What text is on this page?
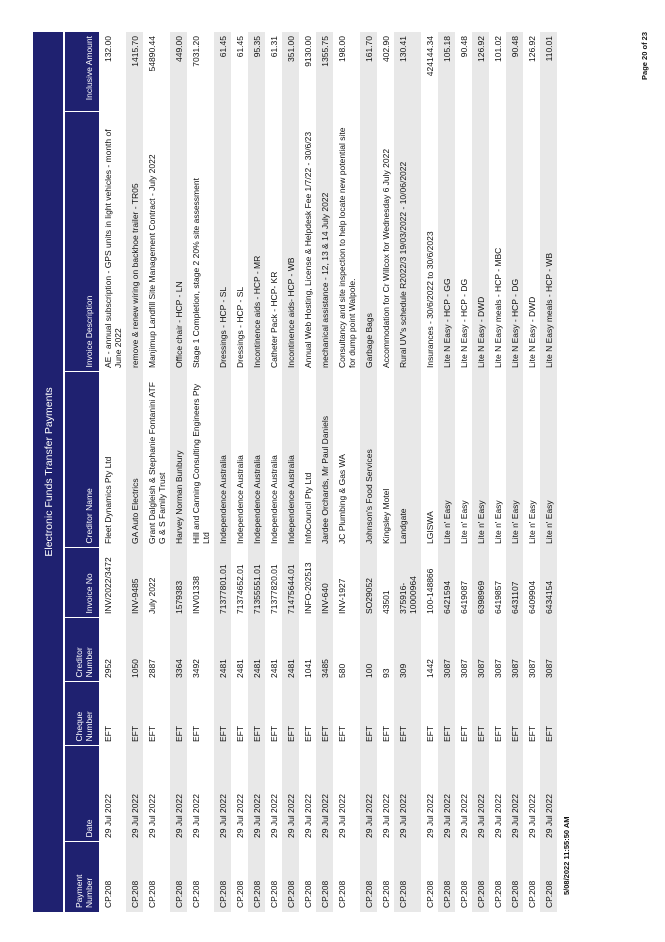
Electronic Funds Transfer Payments
Payment Number	Date	Cheque Number	Creditor Number	Invoice No	Creditor Name	Invoice Description	Inclusive Amount
CP.208	29 Jul 2022	EFT	2952	INV/2022/3472	Fleet Dynamics Pty Ltd	AE - annual subscription - GPS units in light vehicles - month of June 2022	132.00
CP.208	29 Jul 2022	EFT	1050	INV-9485	GA Auto Electrics	remove & renew wiring on backhoe trailer - TR05	1415.70
CP.208	29 Jul 2022	EFT	2887	July 2022	Grant Dalgleish & Stephanie Fontanini ATF G & S Family Trust	Manjimup Landfill Site Management Contract - July 2022	54890.44
CP.208	29 Jul 2022	EFT	3364	1579383	Harvey Norman Bunbury	Office chair - HCP - LN	449.00
CP.208	29 Jul 2022	EFT	3492	INV01338	Hill and Canning Consulting Engineers Pty Ltd	Stage 1 Completion, stage 2 20% site assessment	7031.20
CP.208	29 Jul 2022	EFT	2481	71377801.01	Independence Australia	Dressings - HCP - SL	61.45
CP.208	29 Jul 2022	EFT	2481	71374652.01	Independence Australia	Dressings - HCP - SL	61.45
CP.208	29 Jul 2022	EFT	2481	71355551.01	Independence Australia	Incontinence aids - HCP - MR	95.35
CP.208	29 Jul 2022	EFT	2481	71377820.01	Independence Australia	Catheter Pack - HCP- KR	61.31
CP.208	29 Jul 2022	EFT	2481	71475644.01	Independence Australia	Incontinence aids- HCP - WB	351.00
CP.208	29 Jul 2022	EFT	1041	INFO-202513	InfoCouncil Pty Ltd	Annual Web Hosting, License & Helpdesk Fee 1/7/22 - 30/6/23	9130.00
CP.208	29 Jul 2022	EFT	3485	INV-640	Jardee Orchards, Mr Paul Daniels	mechanical assistance - 12, 13 & 14 July 2022	1355.75
CP.208	29 Jul 2022	EFT	580	INV-1927	JC Plumbing & Gas WA	Consultancy and site inspection to help locate new potential site for dump point Walpole.	198.00
CP.208	29 Jul 2022	EFT	100	SO29052	Johnson's Food Services	Garbage Bags	161.70
CP.208	29 Jul 2022	EFT	93	43501	Kingsley Motel	Accommodation for Cr Willcox for Wednesday 6 July 2022	402.90
CP.208	29 Jul 2022	EFT	309	375916-10000964	Landgate	Rural UV's schedule R2022/3 19/03/2022 - 10/06/2022	130.41
CP.208	29 Jul 2022	EFT	1442	100-148866	LGISWA	Insurances - 30/6/2022 to 30/6/2023	424144.34
CP.208	29 Jul 2022	EFT	3087	6421594	Lite n' Easy	Lite N Easy - HCP - GG	105.18
CP.208	29 Jul 2022	EFT	3087	6419087	Lite n' Easy	Lite N Easy - HCP - DG	90.48
CP.208	29 Jul 2022	EFT	3087	6398969	Lite n' Easy	Lite N Easy - DWD	126.92
CP.208	29 Jul 2022	EFT	3087	6419857	Lite n' Easy	Lite N Easy meals - HCP - MBC	101.02
CP.208	29 Jul 2022	EFT	3087	6431107	Lite n' Easy	Lite N Easy - HCP - DG	90.48
CP.208	29 Jul 2022	EFT	3087	6409904	Lite n' Easy	Lite N Easy - DWD	126.92
CP.208	29 Jul 2022	EFT	3087	6434154	Lite n' Easy	Lite N Easy meals - HCP - WB	110.01
5/08/2022 11:55:50 AM
Page 20 of 23
